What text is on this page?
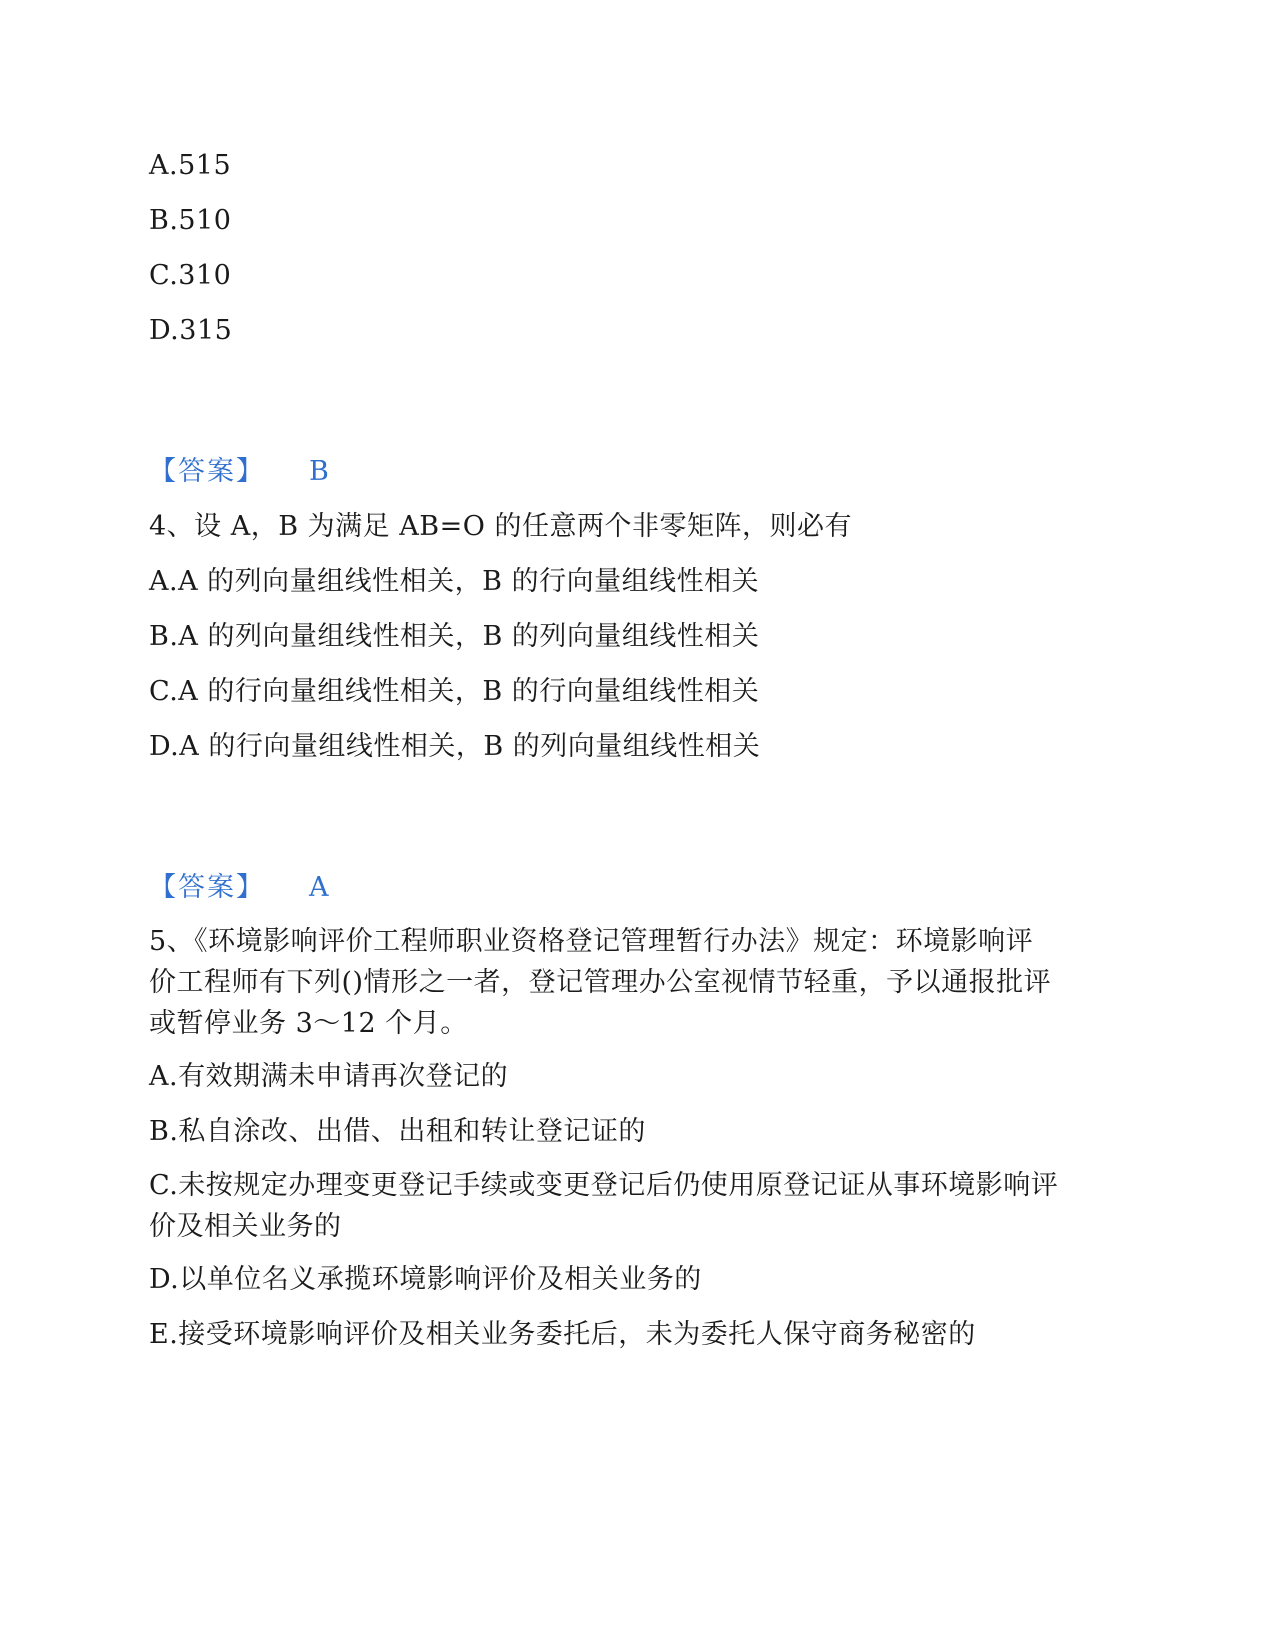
A.515
B.510
C.310
D.315
【答案】 B
4、设 A，B 为满足 AB=O 的任意两个非零矩阵，则必有
A.A 的列向量组线性相关，B 的行向量组线性相关
B.A 的列向量组线性相关，B 的列向量组线性相关
C.A 的行向量组线性相关，B 的行向量组线性相关
D.A 的行向量组线性相关，B 的列向量组线性相关
【答案】 A
5、《环境影响评价工程师职业资格登记管理暂行办法》规定：环境影响评
价工程师有下列()情形之一者，登记管理办公室视情节轻重，予以通报批评
或暂停业务 3～12 个月。
A.有效期满未申请再次登记的
B.私自涂改、出借、出租和转让登记证的
C.未按规定办理变更登记手续或变更登记后仍使用原登记证从事环境影响评
价及相关业务的
D.以单位名义承揽环境影响评价及相关业务的
E.接受环境影响评价及相关业务委托后，未为委托人保守商务秘密的
